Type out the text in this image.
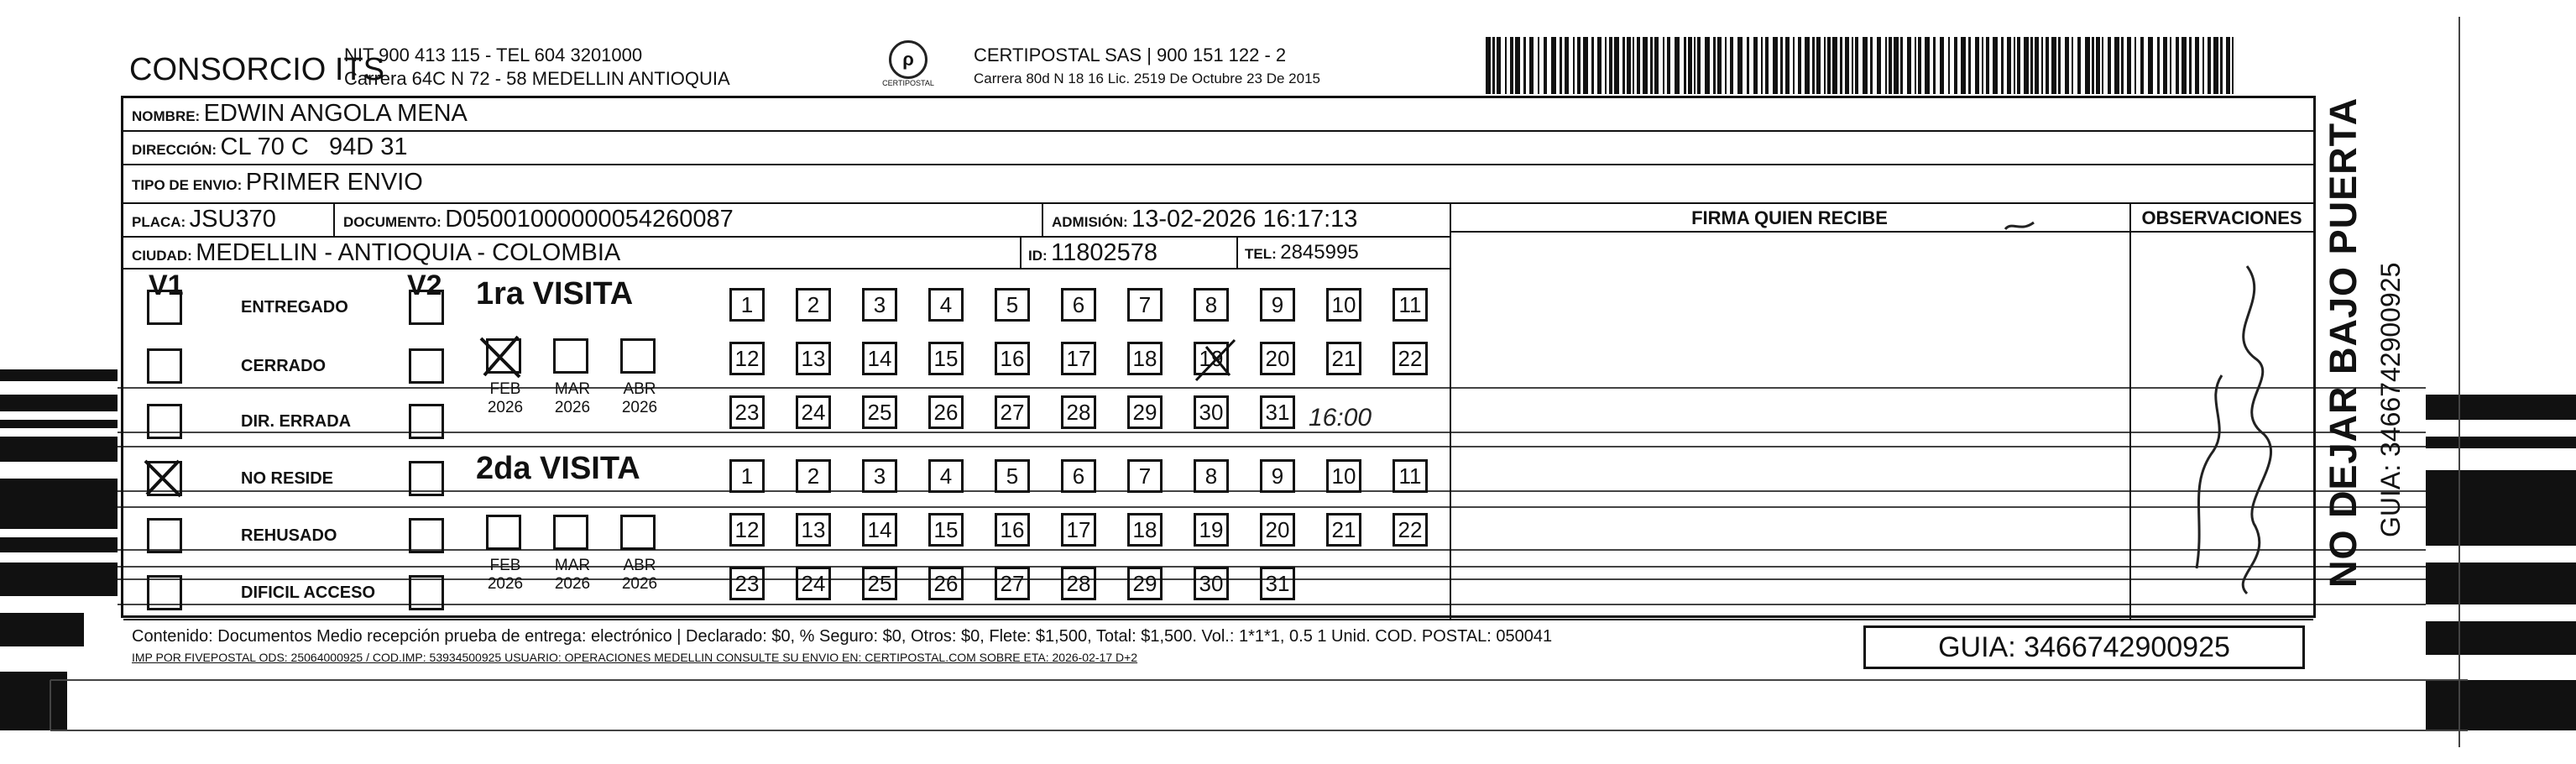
CONSORCIO ITS
NIT 900 413 115 - TEL 604 3201000
Carrera 64C N 72 - 58 MEDELLIN ANTIOQUIA
ρ
CERTIPOSTAL
CERTIPOSTAL SAS | 900 151 122 - 2
Carrera 80d N 18 16 Lic. 2519 De Octubre 23 De 2015
NOMBRE: EDWIN ANGOLA MENA
DIRECCIÓN: CL 70 C   94D 31
TIPO DE ENVIO: PRIMER ENVIO
PLACA: JSU370	DOCUMENTO: D05001000000054260087	ADMISIÓN: 13-02-2026 16:17:13
CIUDAD: MEDELLIN - ANTIOQUIA - COLOMBIA	ID: 11802578	TEL: 2845995
FIRMA QUIEN RECIBE	OBSERVACIONES
V1	V2
ENTREGADO
CERRADO
DIR. ERRADA
NO RESIDE
REHUSADO
DIFICIL ACCESO
1ra VISITA
2da VISITA
FEB
2026
MAR
2026
ABR
2026
FEB
2026
MAR
2026
ABR
2026
1	2	3	4	5	6	7	8	9	10 11
12 13 14 15 16 17 18 19 20 21 22
23 24 25 26 27 28 29 30 31
1	2	3	4	5	6	7	8	9	10 11
12 13 14 15 16 17 18 19 20 21 22
23 24 25 26 27 28 29 30 31
16:00
Contenido: Documentos Medio recepción prueba de entrega: electrónico | Declarado: $0, % Seguro: $0, Otros: $0, Flete: $1,500, Total: $1,500. Vol.: 1*1*1, 0.5 1 Unid. COD. POSTAL: 050041
IMP POR FIVEPOSTAL ODS: 25064000925 / COD.IMP: 53934500925 USUARIO: OPERACIONES MEDELLIN CONSULTE SU ENVIO EN: CERTIPOSTAL.COM SOBRE ETA: 2026-02-17 D+2	GUIA: 3466742900925
NO DEJAR BAJO PUERTA GUIA: 3466742900925
